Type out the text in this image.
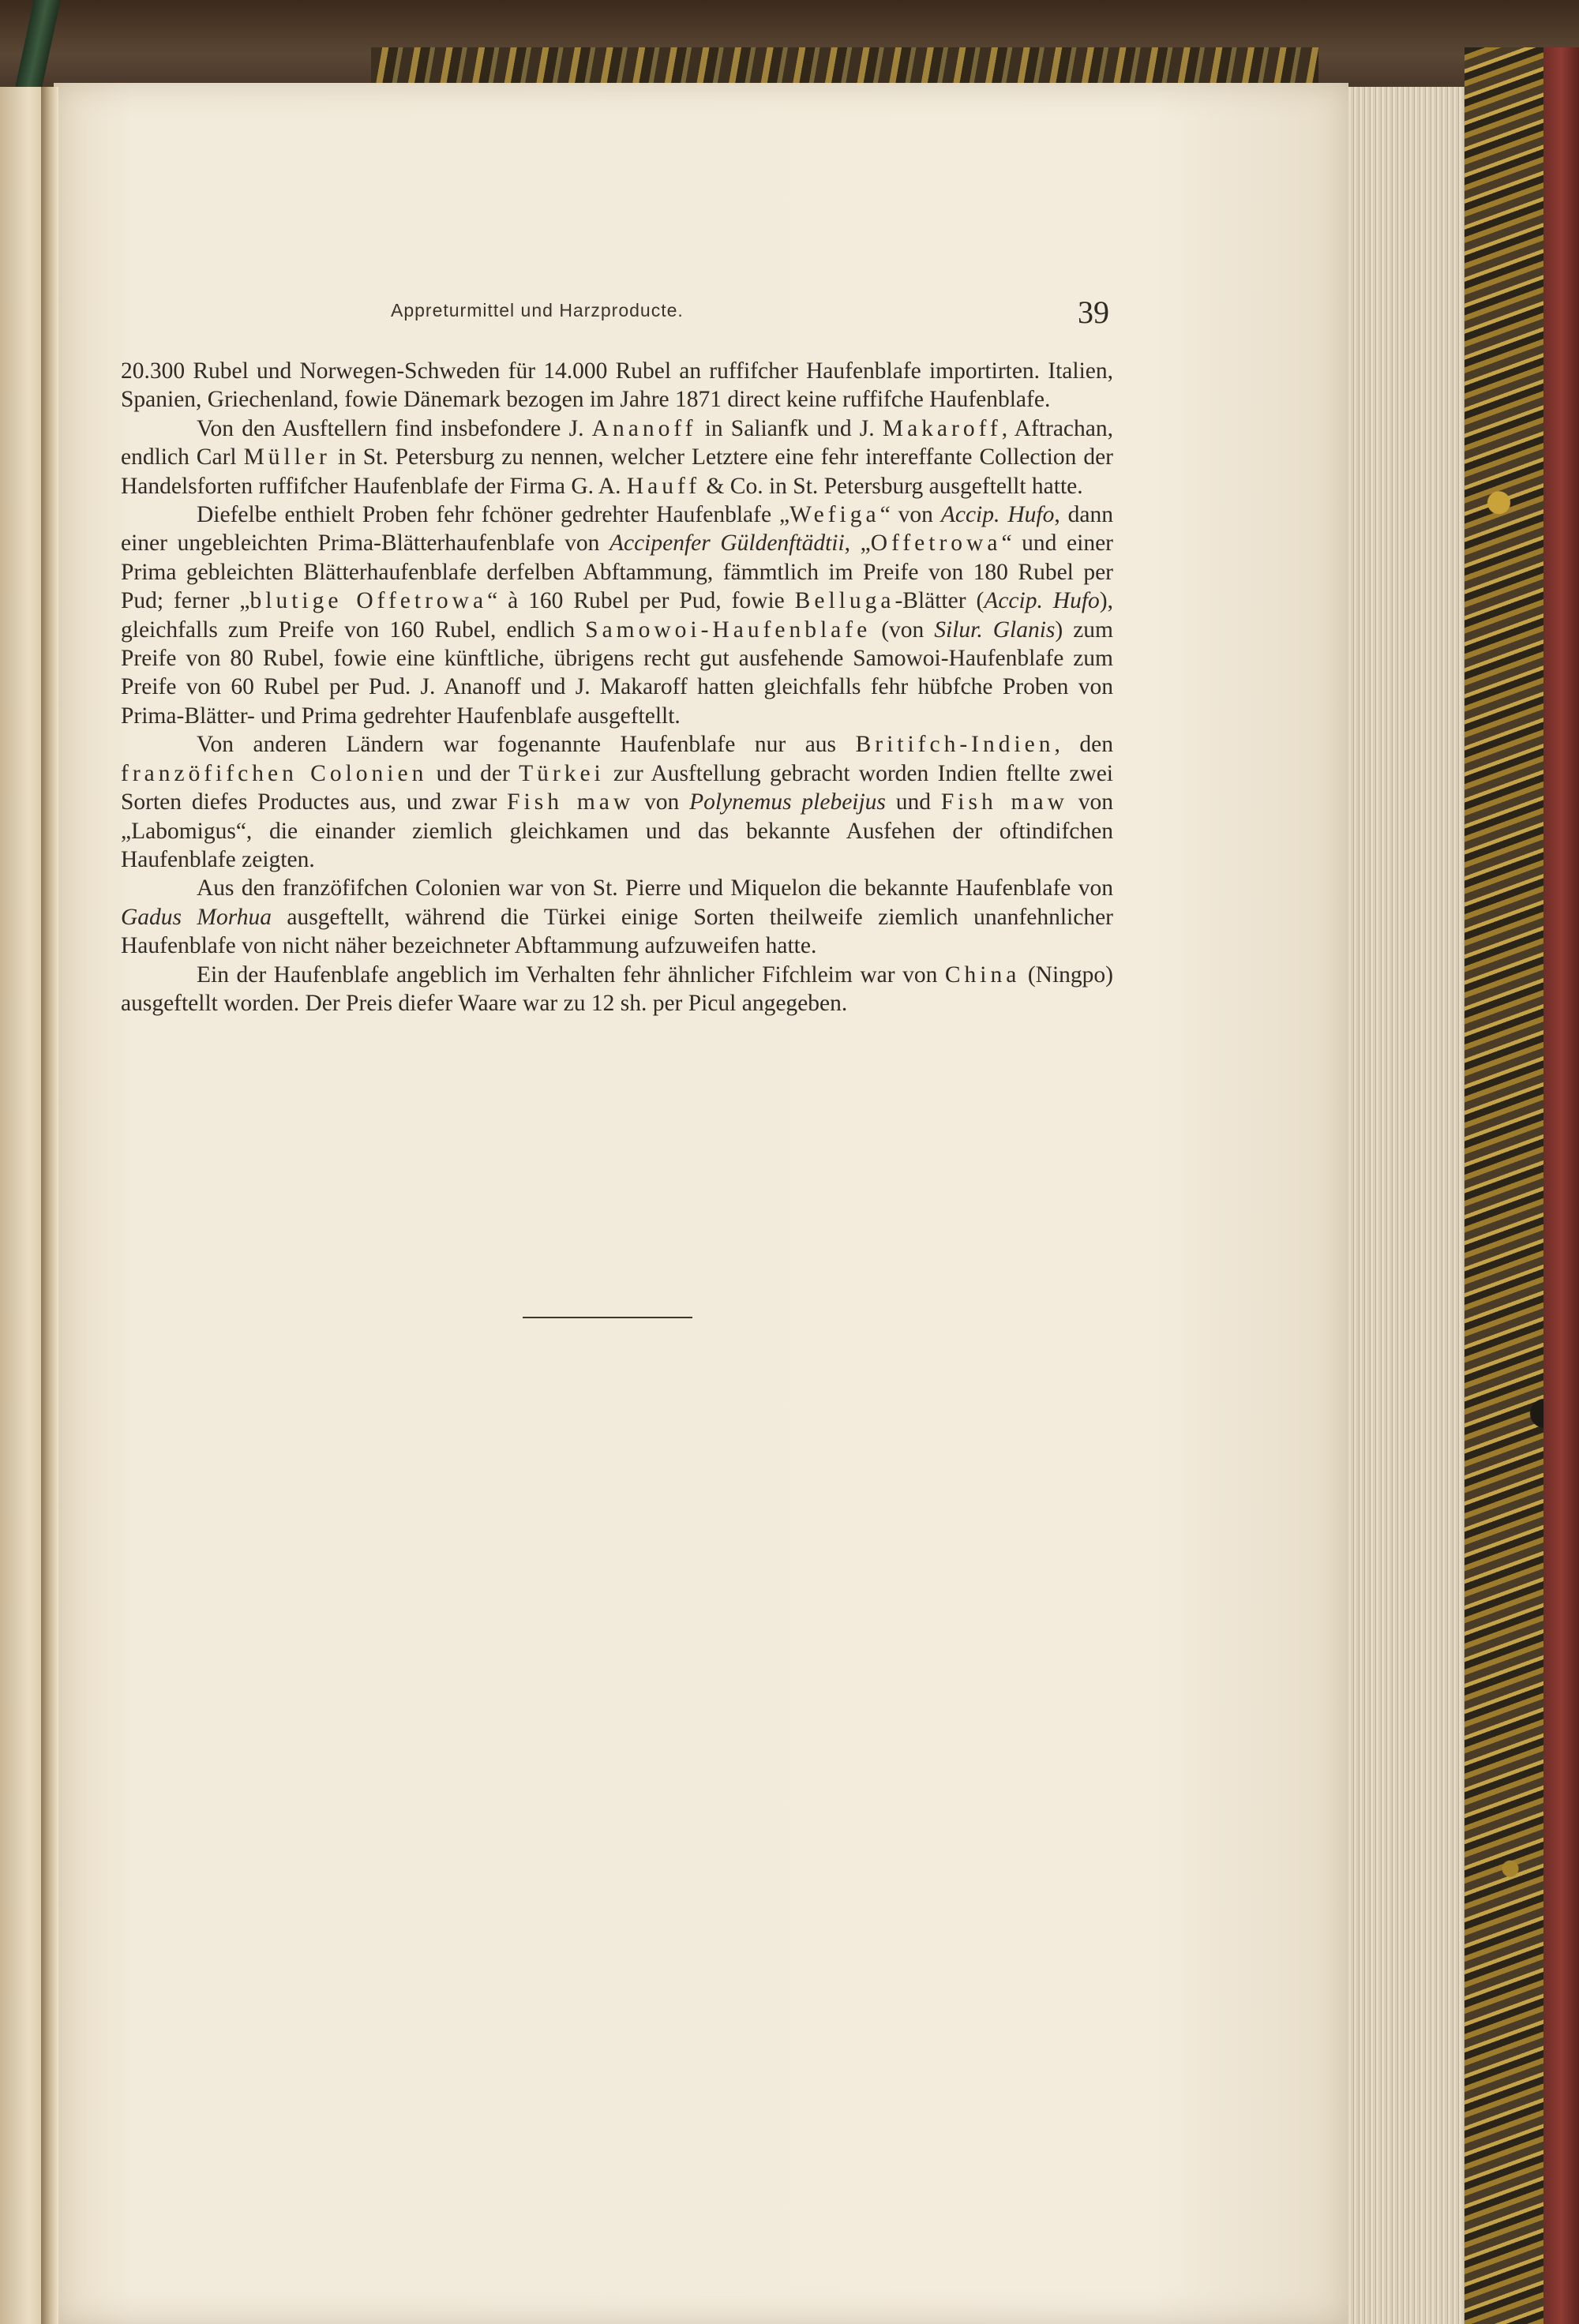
Appreturmittel und Harzproducte.	39

20.300 Rubel und Norwegen-Schweden für 14.000 Rubel an ruffifcher Haufenblafe importirten. Italien, Spanien, Griechenland, fowie Dänemark bezogen im Jahre 1871 direct keine ruffifche Haufenblafe.

Von den Ausftellern find insbefondere J. Ananoff in Salianfk und J. Makaroff, Aftrachan, endlich Carl Müller in St. Petersburg zu nennen, welcher Letztere eine fehr intereffante Collection der Handelsforten ruffifcher Haufenblafe der Firma G. A. Hauff & Co. in St. Petersburg ausgeftellt hatte.

Diefelbe enthielt Proben fehr fchöner gedrehter Haufenblafe „Wefiga“ von Accip. Hufo, dann einer ungebleichten Prima-Blätterhaufenblafe von Accipenfer Güldenftädtii, „Offetrowa“ und einer Prima gebleichten Blätterhaufenblafe derfelben Abftammung, fämmtlich im Preife von 180 Rubel per Pud; ferner „blutige Offetrowa“ à 160 Rubel per Pud, fowie Belluga-Blätter (Accip. Hufo), gleichfalls zum Preife von 160 Rubel, endlich Samowoi-Haufenblafe (von Silur. Glanis) zum Preife von 80 Rubel, fowie eine künftliche, übrigens recht gut ausfehende Samowoi-Haufenblafe zum Preife von 60 Rubel per Pud. J. Ananoff und J. Makaroff hatten gleichfalls fehr hübfche Proben von Prima-Blätter- und Prima gedrehter Haufenblafe ausgeftellt.

Von anderen Ländern war fogenannte Haufenblafe nur aus Britifch-Indien, den franzöfifchen Colonien und der Türkei zur Ausftellung gebracht worden Indien ftellte zwei Sorten diefes Productes aus, und zwar Fish maw von Polynemus plebeijus und Fish maw von „Labomigus“, die einander ziemlich gleichkamen und das bekannte Ausfehen der oftindifchen Haufenblafe zeigten.

Aus den franzöfifchen Colonien war von St. Pierre und Miquelon die bekannte Haufenblafe von Gadus Morhua ausgeftellt, während die Türkei einige Sorten theilweife ziemlich unanfehnlicher Haufenblafe von nicht näher bezeichneter Abftammung aufzuweifen hatte.

Ein der Haufenblafe angeblich im Verhalten fehr ähnlicher Fifchleim war von China (Ningpo) ausgeftellt worden. Der Preis diefer Waare war zu 12 sh. per Picul angegeben.
